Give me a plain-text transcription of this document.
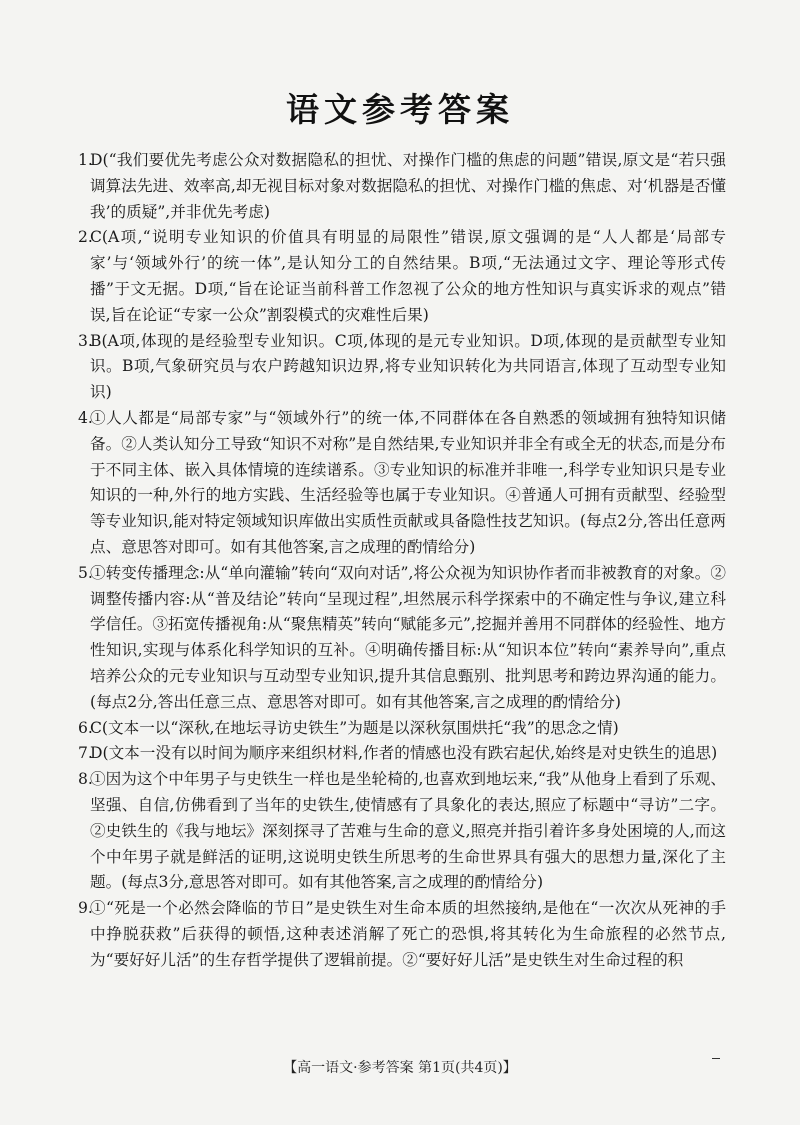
语文参考答案
1.
D(“我们要优先考虑公众对数据隐私的担忧、对操作门槛的焦虑的问题”错误,原文是“若只强调算法先进、效率高,却无视目标对象对数据隐私的担忧、对操作门槛的焦虑、对‘机器是否懂我’的质疑”,并非优先考虑)
2.
C(A项,“说明专业知识的价值具有明显的局限性”错误,原文强调的是“人人都是‘局部专家’与‘领域外行’的统一体”,是认知分工的自然结果。B项,“无法通过文字、理论等形式传播”于文无据。D项,“旨在论证当前科普工作忽视了公众的地方性知识与真实诉求的观点”错误,旨在论证“专家一公众”割裂模式的灾难性后果)
3.
B(A项,体现的是经验型专业知识。C项,体现的是元专业知识。D项,体现的是贡献型专业知识。B项,气象研究员与农户跨越知识边界,将专业知识转化为共同语言,体现了互动型专业知识)
4.
①人人都是“局部专家”与“领域外行”的统一体,不同群体在各自熟悉的领域拥有独特知识储备。②人类认知分工导致“知识不对称”是自然结果,专业知识并非全有或全无的状态,而是分布于不同主体、嵌入具体情境的连续谱系。③专业知识的标准并非唯一,科学专业知识只是专业知识的一种,外行的地方实践、生活经验等也属于专业知识。④普通人可拥有贡献型、经验型等专业知识,能对特定领域知识库做出实质性贡献或具备隐性技艺知识。(每点2分,答出任意两点、意思答对即可。如有其他答案,言之成理的酌情给分)
5.
①转变传播理念:从“单向灌输”转向“双向对话”,将公众视为知识协作者而非被教育的对象。②调整传播内容:从“普及结论”转向“呈现过程”,坦然展示科学探索中的不确定性与争议,建立科学信任。③拓宽传播视角:从“聚焦精英”转向“赋能多元”,挖掘并善用不同群体的经验性、地方性知识,实现与体系化科学知识的互补。④明确传播目标:从“知识本位”转向“素养导向”,重点培养公众的元专业知识与互动型专业知识,提升其信息甄别、批判思考和跨边界沟通的能力。(每点2分,答出任意三点、意思答对即可。如有其他答案,言之成理的酌情给分)
6.
C(文本一以“深秋,在地坛寻访史铁生”为题是以深秋氛围烘托“我”的思念之情)
7.
D(文本一没有以时间为顺序来组织材料,作者的情感也没有跌宕起伏,始终是对史铁生的追思)
8.
①因为这个中年男子与史铁生一样也是坐轮椅的,也喜欢到地坛来,“我”从他身上看到了乐观、坚强、自信,仿佛看到了当年的史铁生,使情感有了具象化的表达,照应了标题中“寻访”二字。②史铁生的《我与地坛》深刻探寻了苦难与生命的意义,照亮并指引着许多身处困境的人,而这个中年男子就是鲜活的证明,这说明史铁生所思考的生命世界具有强大的思想力量,深化了主题。(每点3分,意思答对即可。如有其他答案,言之成理的酌情给分)
9.
①“死是一个必然会降临的节日”是史铁生对生命本质的坦然接纳,是他在“一次次从死神的手中挣脱获救”后获得的顿悟,这种表述消解了死亡的恐惧,将其转化为生命旅程的必然节点,为“要好好儿活”的生存哲学提供了逻辑前提。②“要好好儿活”是史铁生对生命过程的积
【高一语文·参考答案 第1页(共4页)】
